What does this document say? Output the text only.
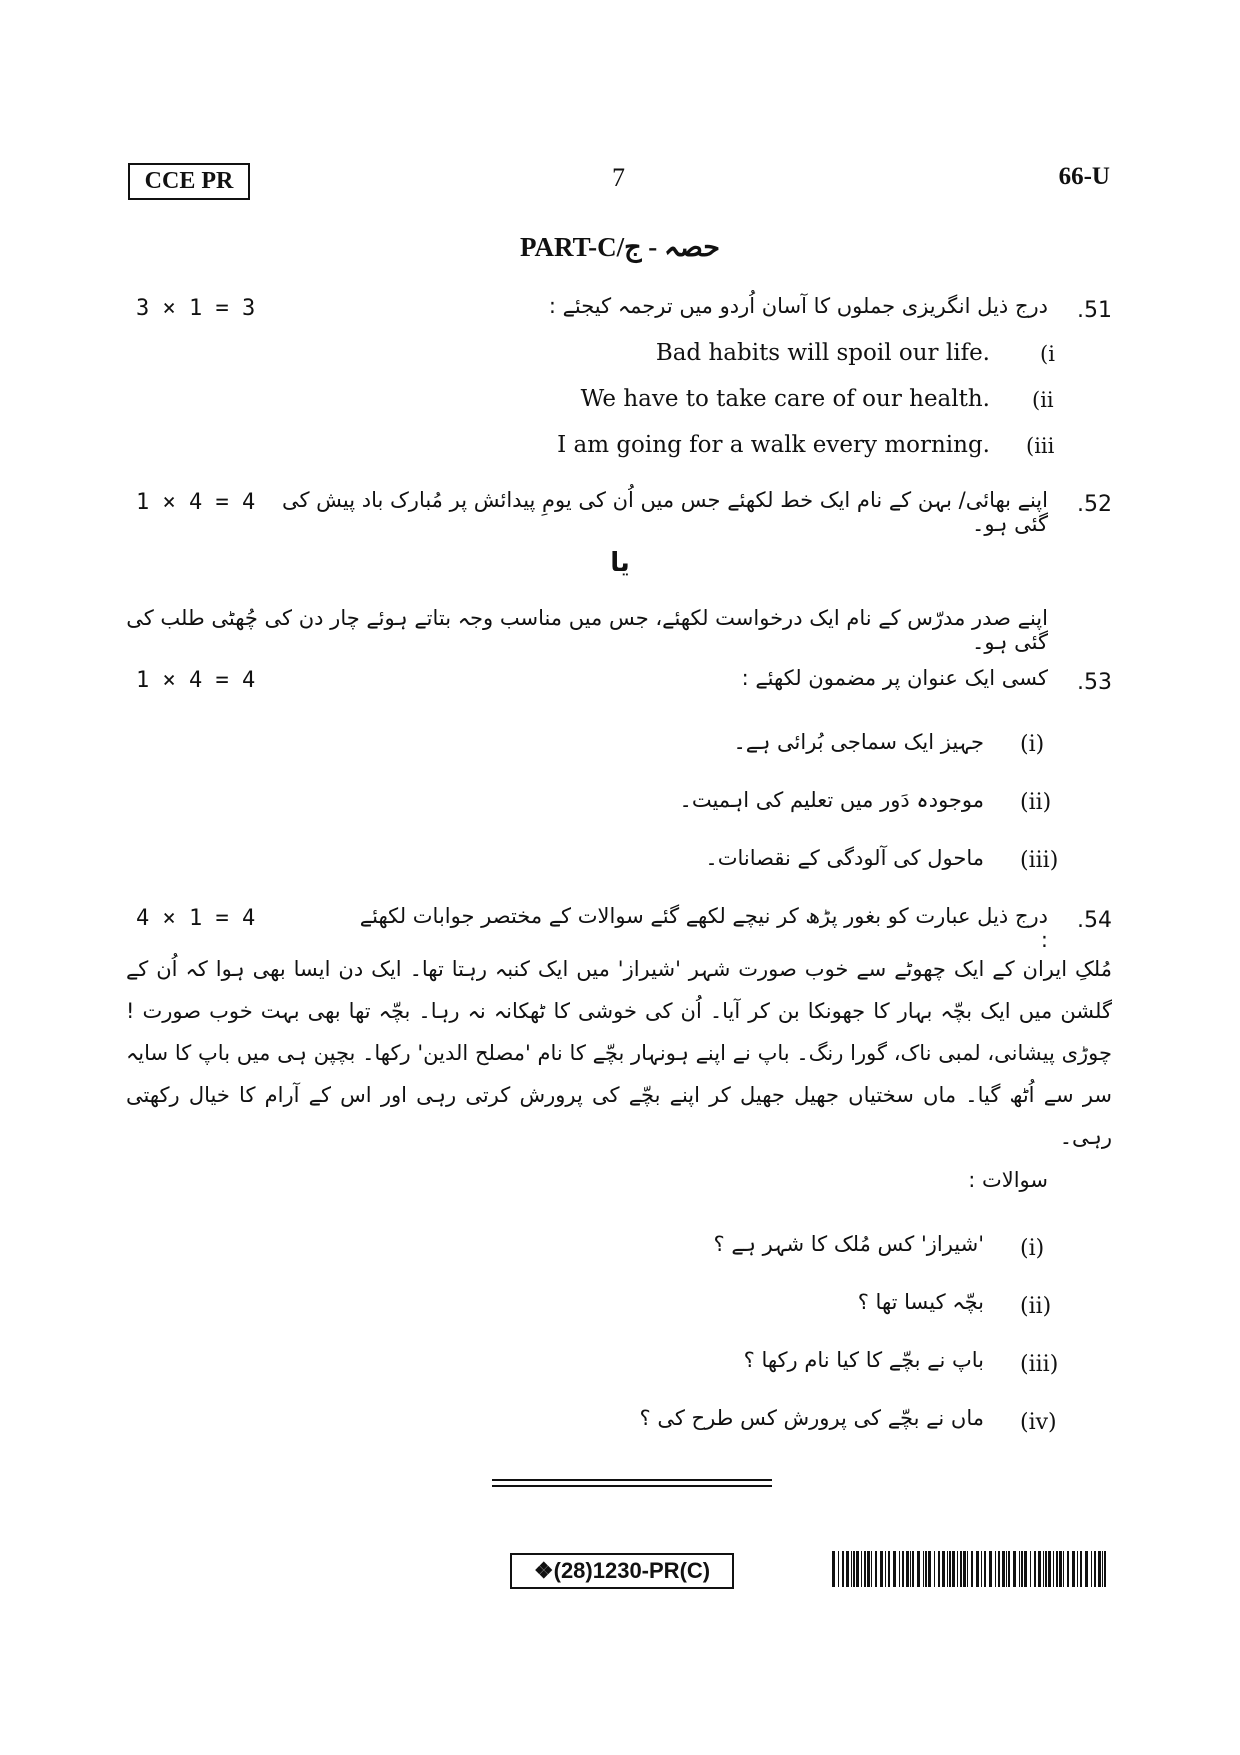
CCE PR	7	66-U
PART-C/حصہ - ج
3 × 1 = 3	.51
درج ذیل انگریزی جملوں کا آسان اُردو میں ترجمہ کیجئے :
Bad habits will spoil our life. (i
We have to take care of our health. (ii
I am going for a walk every morning. (iii
1 × 4 = 4	.52
اپنے بھائی/ بہن کے نام ایک خط لکھئے جس میں اُن کی یومِ پیدائش پر مُبارک باد پیش کی گئی ہو۔
یا
اپنے صدر مدرّس کے نام ایک درخواست لکھئے، جس میں مناسب وجہ بتاتے ہوئے چار دن کی چُھٹی طلب کی گئی ہو۔
1 × 4 = 4	.53
کسی ایک عنوان پر مضمون لکھئے :
(i)
جہیز ایک سماجی بُرائی ہے۔
(ii)
موجودہ دَور میں تعلیم کی اہمیت۔
(iii)
ماحول کی آلودگی کے نقصانات۔
4 × 1 = 4	.54
درج ذیل عبارت کو بغور پڑھ کر نیچے لکھے گئے سوالات کے مختصر جوابات لکھئے :
مُلکِ ایران کے ایک چھوٹے سے خوب صورت شہر 'شیراز' میں ایک کنبہ رہتا تھا۔ ایک دن ایسا بھی ہوا کہ اُن کے گلشن میں ایک بچّہ بہار کا جھونکا بن کر آیا۔ اُن کی خوشی کا ٹھکانہ نہ رہا۔ بچّہ تھا بھی بہت خوب صورت ! چوڑی پیشانی، لمبی ناک، گورا رنگ۔ باپ نے اپنے ہونہار بچّے کا نام 'مصلح الدین' رکھا۔ بچپن ہی میں باپ کا سایہ سر سے اُٹھ گیا۔ ماں سختیاں جھیل جھیل کر اپنے بچّے کی پرورش کرتی رہی اور اس کے آرام کا خیال رکھتی رہی۔
سوالات :
(i)
'شیراز' کس مُلک کا شہر ہے ؟
(ii)
بچّہ کیسا تھا ؟
(iii)
باپ نے بچّے کا کیا نام رکھا ؟
(iv)
ماں نے بچّے کی پرورش کس طرح کی ؟
❖(28)1230-PR(C)
